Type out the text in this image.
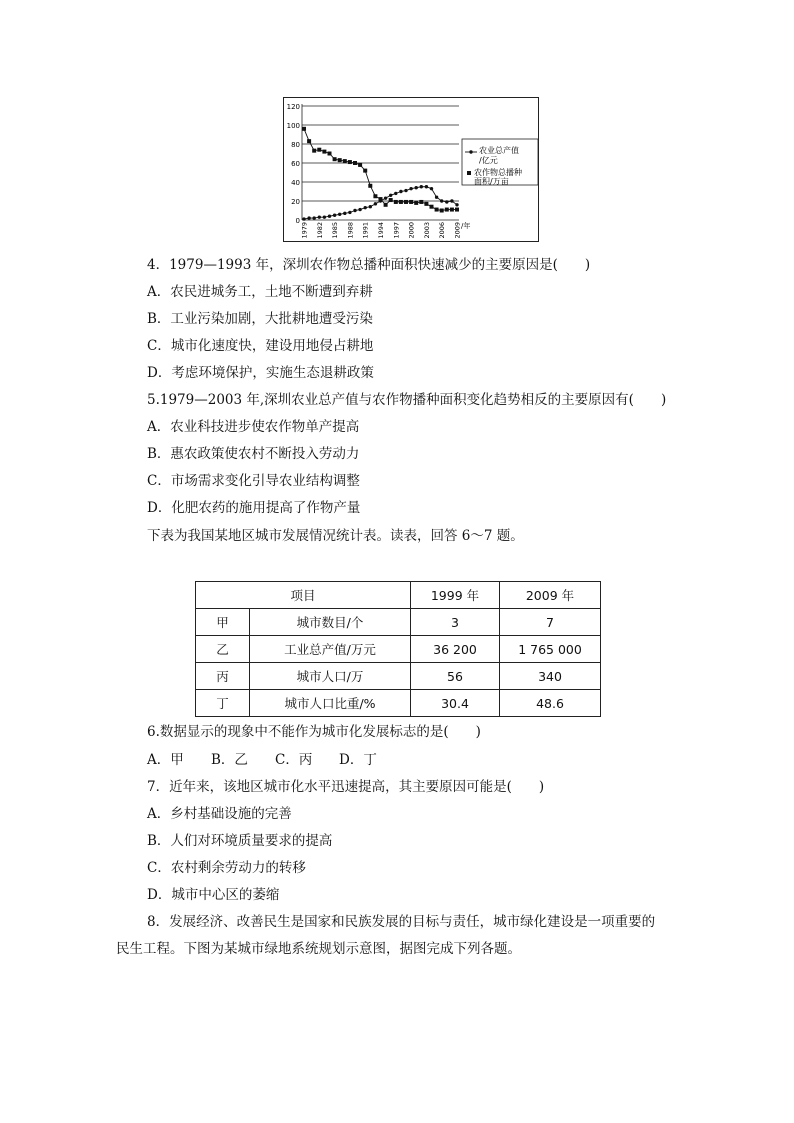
0
20
40
60
80
100
120
1979 1982 1985 1988 1991 1994 1997 2000 2003 2006 2009 /年
农业总产值
/亿元
农作物总播种
面积/万亩
4．1979—1993 年，深圳农作物总播种面积快速减少的主要原因是(　　)
A．农民进城务工，土地不断遭到弃耕
B．工业污染加剧，大批耕地遭受污染
C．城市化速度快，建设用地侵占耕地
D．考虑环境保护，实施生态退耕政策
5.1979—2003 年,深圳农业总产值与农作物播种面积变化趋势相反的主要原因有(　　)
A．农业科技进步使农作物单产提高
B．惠农政策使农村不断投入劳动力
C．市场需求变化引导农业结构调整
D．化肥农药的施用提高了作物产量
下表为我国某地区城市发展情况统计表。读表，回答 6～7 题。
项目		1999 年	2009 年
甲	城市数目/个	3	7
乙	工业总产值/万元	36 200	1 765 000
丙	城市人口/万	56	340
丁	城市人口比重/%	30.4	48.6
6.数据显示的现象中不能作为城市化发展标志的是(　　)
A．甲 B．乙 C．丙 D．丁
7．近年来，该地区城市化水平迅速提高，其主要原因可能是(　　)
A．乡村基础设施的完善
B．人们对环境质量要求的提高
C．农村剩余劳动力的转移
D．城市中心区的萎缩
8．发展经济、改善民生是国家和民族发展的目标与责任，城市绿化建设是一项重要的
民生工程。下图为某城市绿地系统规划示意图，据图完成下列各题。
